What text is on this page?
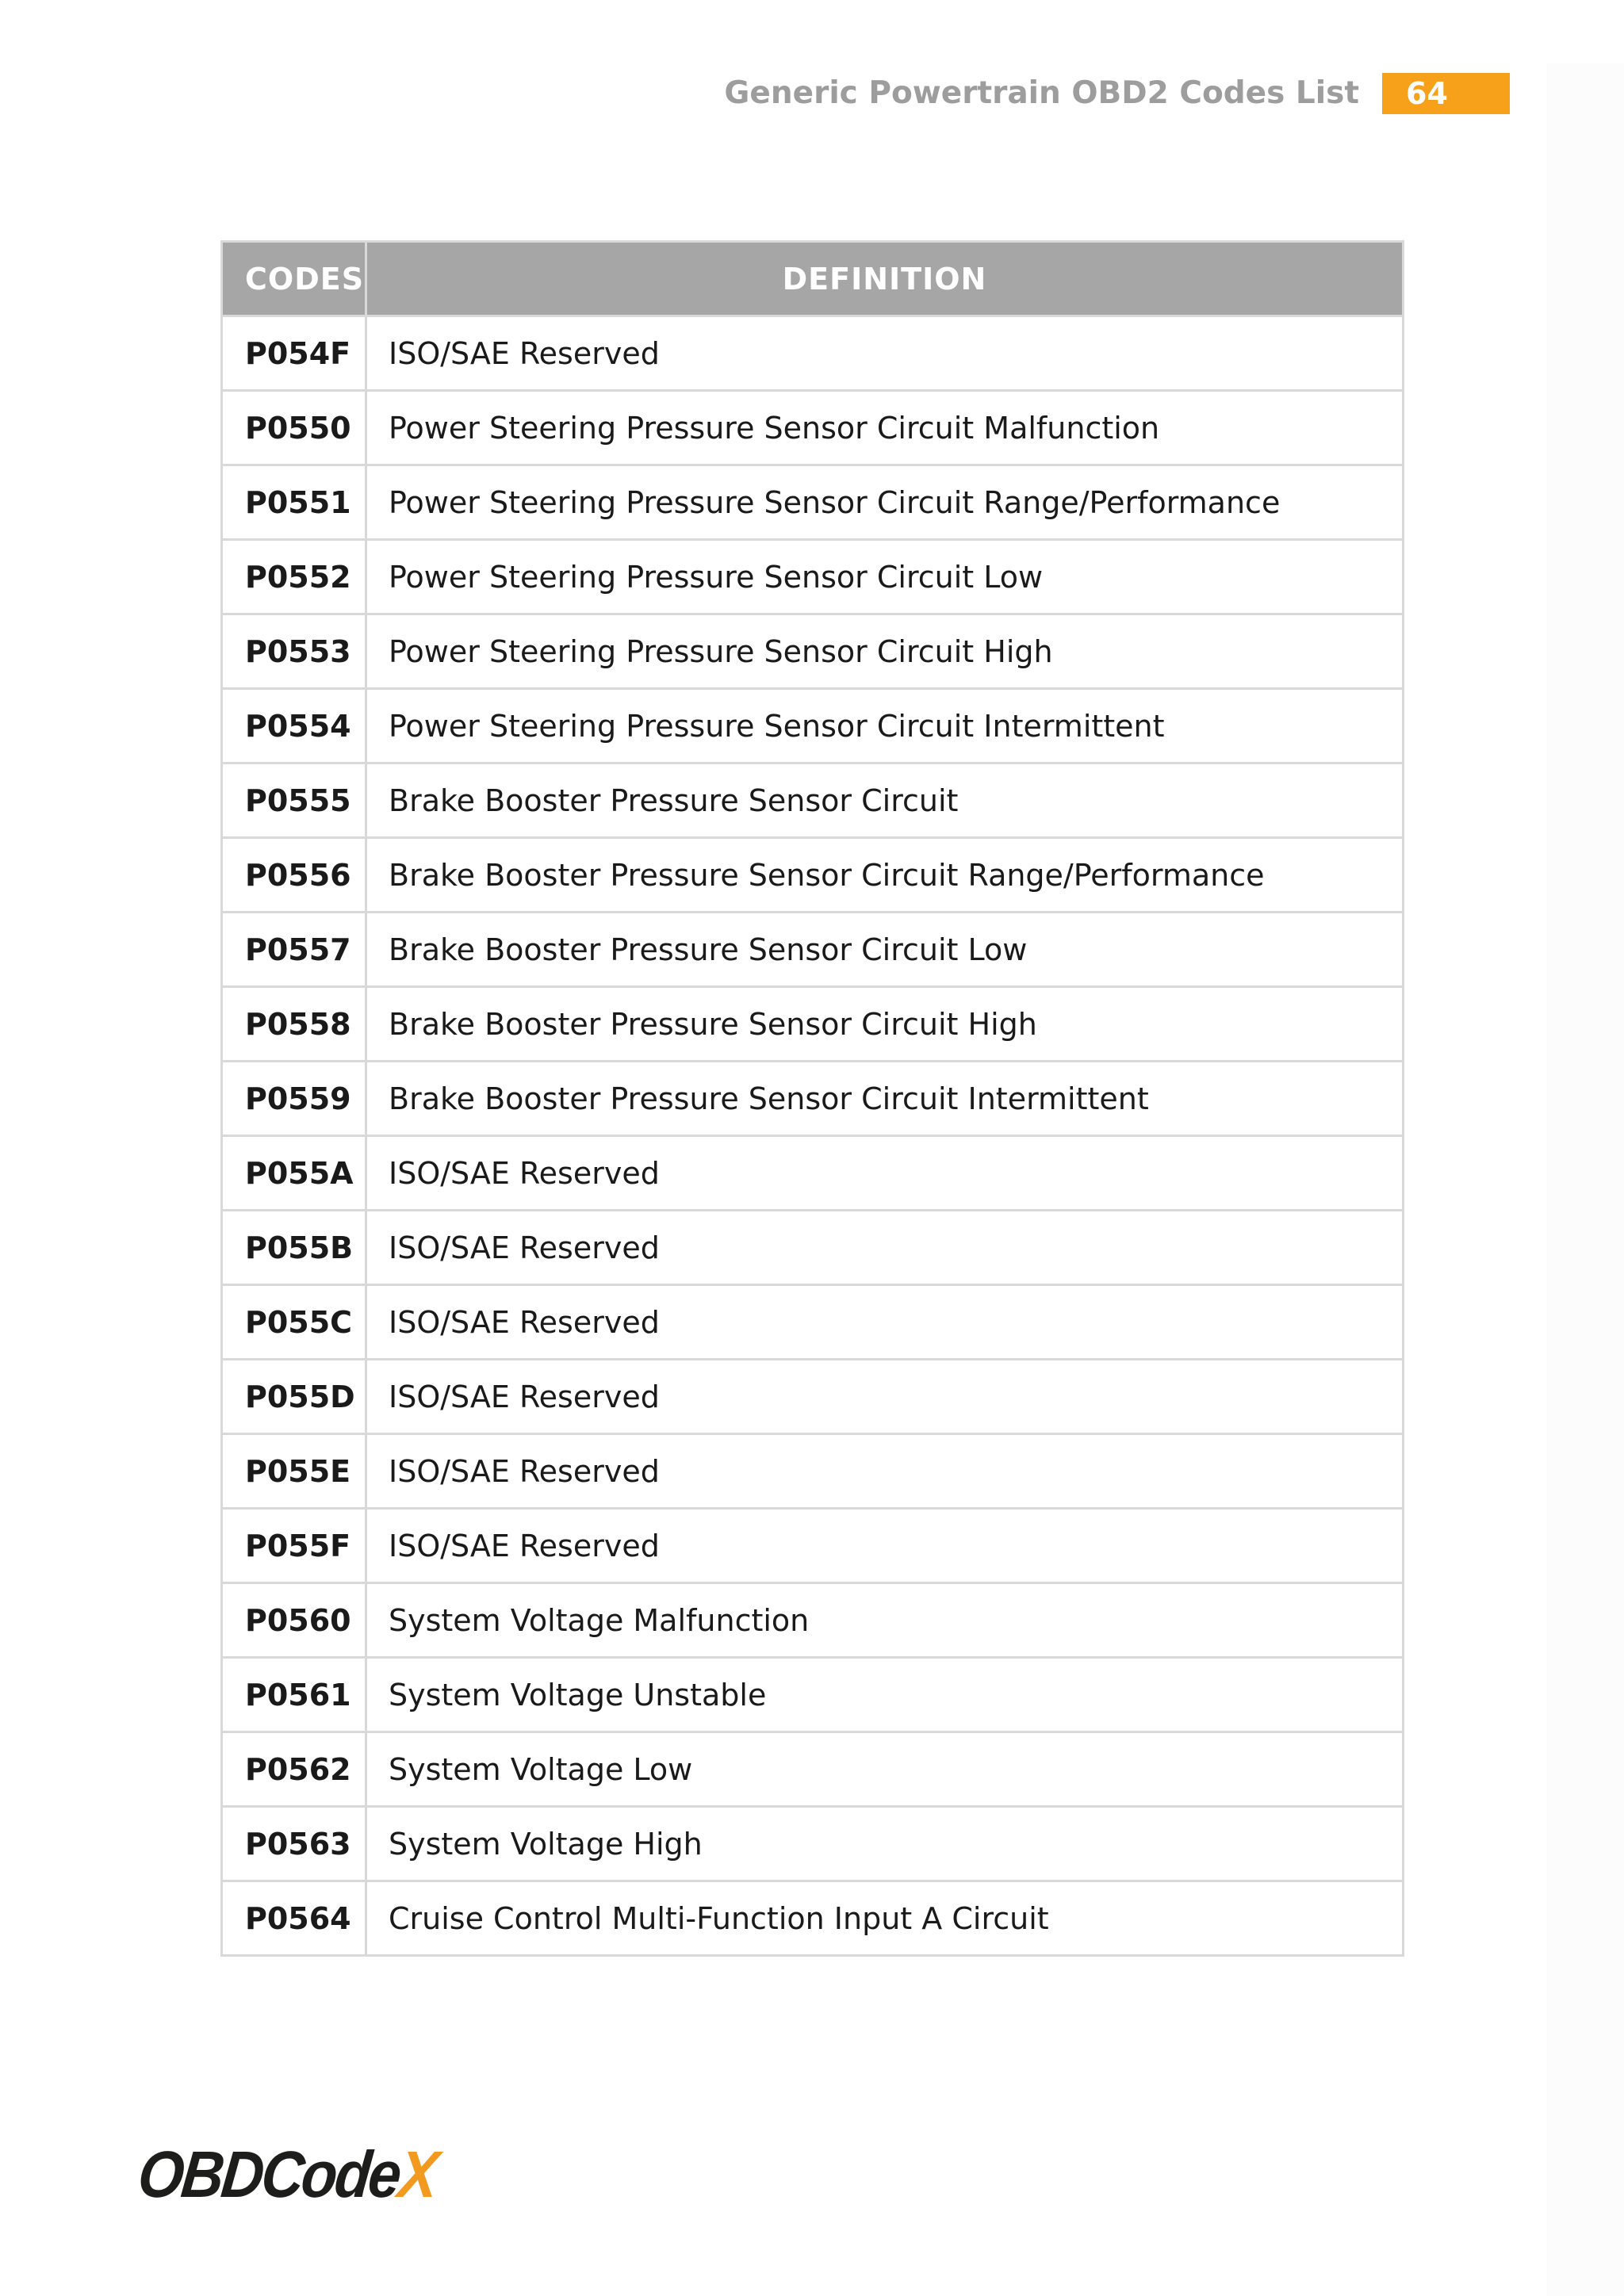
Generic Powertrain OBD2 Codes List	64
CODES	DEFINITION
P054F	ISO/SAE Reserved
P0550	Power Steering Pressure Sensor Circuit Malfunction
P0551	Power Steering Pressure Sensor Circuit Range/Performance
P0552	Power Steering Pressure Sensor Circuit Low
P0553	Power Steering Pressure Sensor Circuit High
P0554	Power Steering Pressure Sensor Circuit Intermittent
P0555	Brake Booster Pressure Sensor Circuit
P0556	Brake Booster Pressure Sensor Circuit Range/Performance
P0557	Brake Booster Pressure Sensor Circuit Low
P0558	Brake Booster Pressure Sensor Circuit High
P0559	Brake Booster Pressure Sensor Circuit Intermittent
P055A	ISO/SAE Reserved
P055B	ISO/SAE Reserved
P055C	ISO/SAE Reserved
P055D	ISO/SAE Reserved
P055E	ISO/SAE Reserved
P055F	ISO/SAE Reserved
P0560	System Voltage Malfunction
P0561	System Voltage Unstable
P0562	System Voltage Low
P0563	System Voltage High
P0564	Cruise Control Multi-Function Input A Circuit
OBDCodeX
